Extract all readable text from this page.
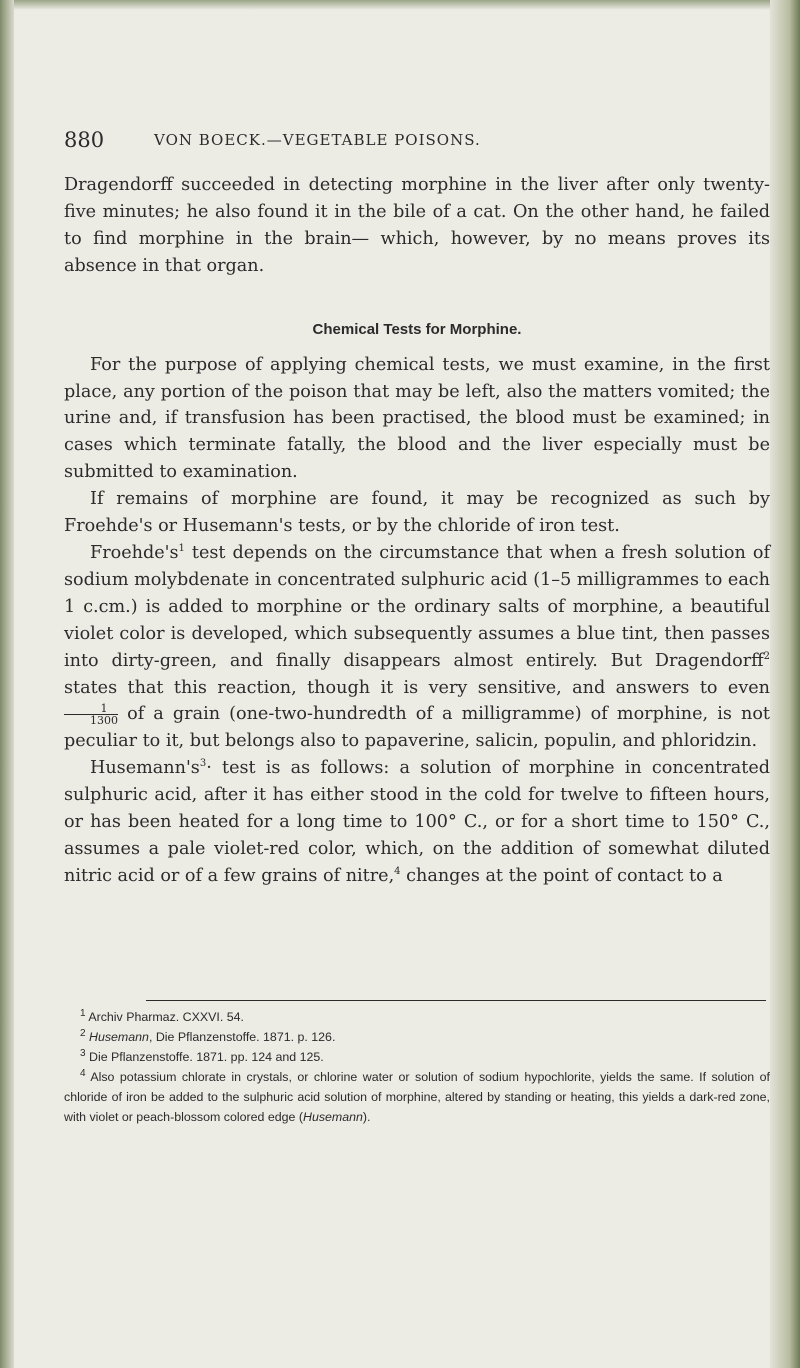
880	VON BOECK.—VEGETABLE POISONS.

Dragendorff succeeded in detecting morphine in the liver after only twenty-five minutes; he also found it in the bile of a cat. On the other hand, he failed to find morphine in the brain— which, however, by no means proves its absence in that organ.

Chemical Tests for Morphine.

For the purpose of applying chemical tests, we must examine, in the first place, any portion of the poison that may be left, also the matters vomited; the urine and, if transfusion has been practised, the blood must be examined; in cases which terminate fatally, the blood and the liver especially must be submitted to examination.

If remains of morphine are found, it may be recognized as such by Froehde's or Husemann's tests, or by the chloride of iron test.

$Froehde's^1$ test depends on the circumstance that when a fresh solution of sodium molybdenate in concentrated sulphuric acid (1–5 milligrammes to each 1 c.cm.) is added to morphine or the ordinary salts of morphine, a beautiful violet color is developed, which subsequently assumes a blue tint, then passes into dirty-green, and finally disappears almost entirely. But Dragendorff$^2$ states that this reaction, though it is very sensitive, and answers to even
$\frac{1}{1300}$ of a grain (one-two-hundredth of a milligramme) of morphine, is not peculiar to it, but belongs also to papaverine, salicin, populin, and phloridzin.

$Husemann's^3\cdot$ test is as follows: a solution of morphine in concentrated sulphuric acid, after it has either stood in the cold for twelve to fifteen hours, or has been heated for a long time to 100° C., or for a short time to 150° C., assumes a pale violet-red color, which, on the addition of somewhat diluted nitric acid or of a few grains of nitre,$^4$ changes at the point of contact to a

$^1$ Archiv Pharmaz. CXXVI. 54.

$^2$ Husemann, Die Pflanzenstoffe. 1871. p. 126.

$^3$ Die Pflanzenstoffe. 1871. pp. 124 and 125.

$^4$ Also potassium chlorate in crystals, or chlorine water or solution of sodium hypochlorite, yields the same. If solution of chloride of iron be added to the sulphuric acid solution of morphine, altered by standing or heating, this yields a dark-red zone, with violet or peach-blossom colored edge (Husemann).
